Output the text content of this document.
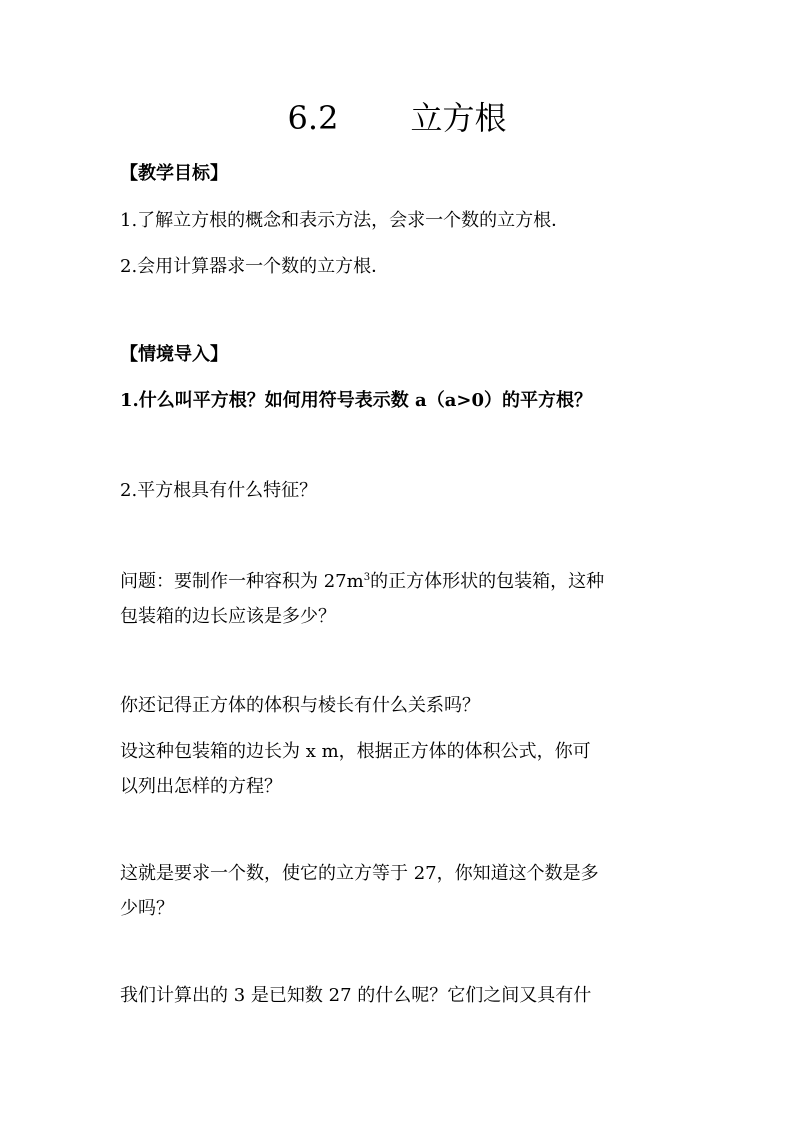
6.2 立方根
【教学目标】
1.了解立方根的概念和表示方法，会求一个数的立方根．
2.会用计算器求一个数的立方根．
【情境导入】
1.什么叫平方根？如何用符号表示数 a（a>0）的平方根？
2.平方根具有什么特征？
问题：要制作一种容积为 $27m^3$的正方体形状的包装箱，这种
包装箱的边长应该是多少？
你还记得正方体的体积与棱长有什么关系吗？
设这种包装箱的边长为 x m，根据正方体的体积公式，你可
以列出怎样的方程？
这就是要求一个数，使它的立方等于 27，你知道这个数是多
少吗？
我们计算出的 3 是已知数 27 的什么呢？它们之间又具有什
